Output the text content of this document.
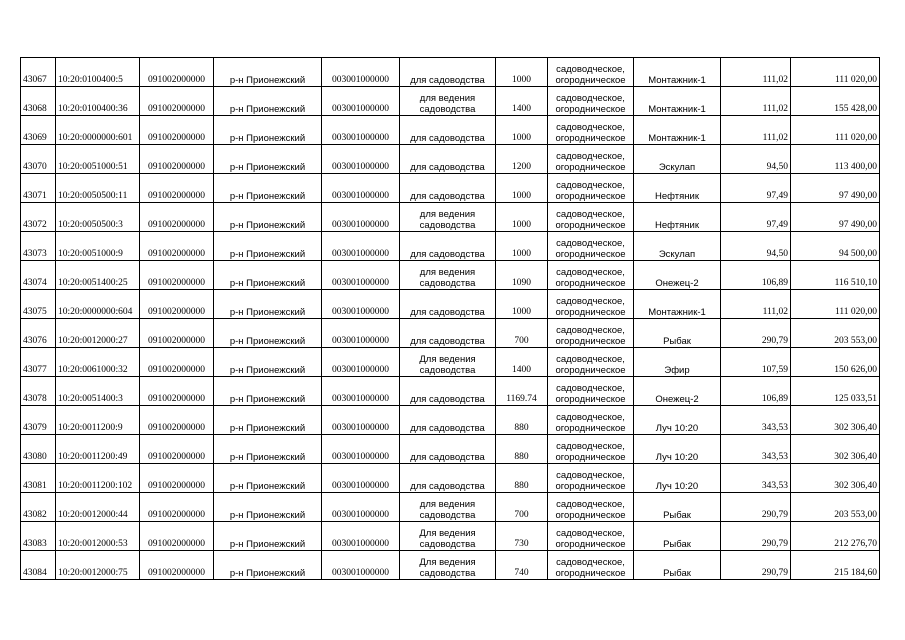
43067	10:20:0100400:5	091002000000	р-н Прионежский	003001000000	для садоводства	1000	садоводческое,
огородническое	Монтажник-1	111,02	111 020,00
43068	10:20:0100400:36	091002000000	р-н Прионежский	003001000000	для ведения
садоводства	1400	садоводческое,
огородническое	Монтажник-1	111,02	155 428,00
43069	10:20:0000000:601	091002000000	р-н Прионежский	003001000000	для садоводства	1000	садоводческое,
огородническое	Монтажник-1	111,02	111 020,00
43070	10:20:0051000:51	091002000000	р-н Прионежский	003001000000	для садоводства	1200	садоводческое,
огородническое	Эскулап	94,50	113 400,00
43071	10:20:0050500:11	091002000000	р-н Прионежский	003001000000	для садоводства	1000	садоводческое,
огородническое	Нефтяник	97,49	97 490,00
43072	10:20:0050500:3	091002000000	р-н Прионежский	003001000000	для ведения
садоводства	1000	садоводческое,
огородническое	Нефтяник	97,49	97 490,00
43073	10:20:0051000:9	091002000000	р-н Прионежский	003001000000	для садоводства	1000	садоводческое,
огородническое	Эскулап	94,50	94 500,00
43074	10:20:0051400:25	091002000000	р-н Прионежский	003001000000	для ведения
садоводства	1090	садоводческое,
огородническое	Онежец-2	106,89	116 510,10
43075	10:20:0000000:604	091002000000	р-н Прионежский	003001000000	для садоводства	1000	садоводческое,
огородническое	Монтажник-1	111,02	111 020,00
43076	10:20:0012000:27	091002000000	р-н Прионежский	003001000000	для садоводства	700	садоводческое,
огородническое	Рыбак	290,79	203 553,00
43077	10:20:0061000:32	091002000000	р-н Прионежский	003001000000	Для ведения
садоводства	1400	садоводческое,
огородническое	Эфир	107,59	150 626,00
43078	10:20:0051400:3	091002000000	р-н Прионежский	003001000000	для садоводства	1169.74	садоводческое,
огородническое	Онежец-2	106,89	125 033,51
43079	10:20:0011200:9	091002000000	р-н Прионежский	003001000000	для садоводства	880	садоводческое,
огородническое	Луч 10:20	343,53	302 306,40
43080	10:20:0011200:49	091002000000	р-н Прионежский	003001000000	для садоводства	880	садоводческое,
огородническое	Луч 10:20	343,53	302 306,40
43081	10:20:0011200:102	091002000000	р-н Прионежский	003001000000	для садоводства	880	садоводческое,
огородническое	Луч 10:20	343,53	302 306,40
43082	10:20:0012000:44	091002000000	р-н Прионежский	003001000000	для ведения
садоводства	700	садоводческое,
огородническое	Рыбак	290,79	203 553,00
43083	10:20:0012000:53	091002000000	р-н Прионежский	003001000000	Для ведения
садоводства	730	садоводческое,
огородническое	Рыбак	290,79	212 276,70
43084	10:20:0012000:75	091002000000	р-н Прионежский	003001000000	Для ведения
садоводства	740	садоводческое,
огородническое	Рыбак	290,79	215 184,60
